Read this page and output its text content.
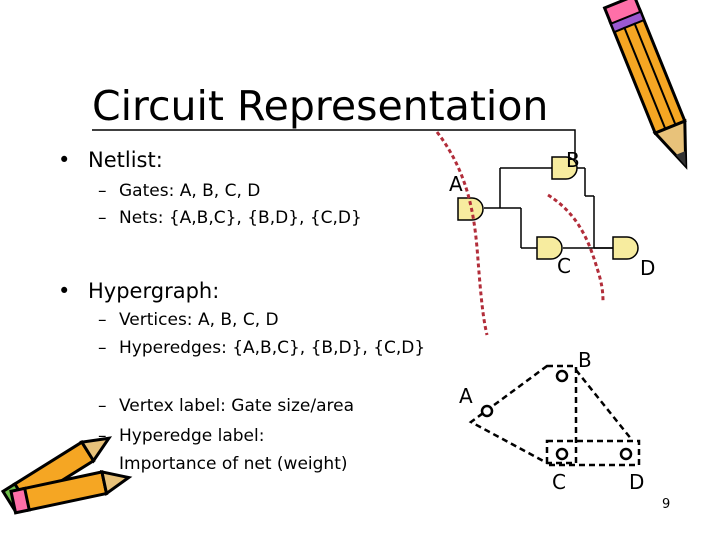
Circuit Representation
• Netlist:
– Gates: A, B, C, D
– Nets: {A,B,C}, {B,D}, {C,D}
• Hypergraph:
– Vertices: A, B, C, D
– Hyperedges: {A,B,C}, {B,D}, {C,D}
– Vertex label: Gate size/area
– Hyperedge label:
Importance of net (weight)
A
B
C	D
A
B
C	D
9
